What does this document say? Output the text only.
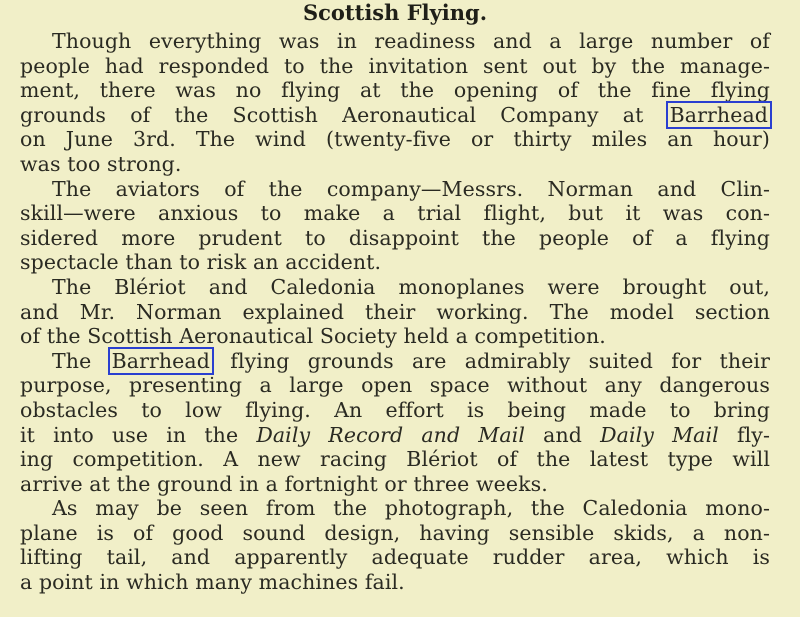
Scottish Flying.
Though everything was in readiness and a large number of
people had responded to the invitation sent out by the manage-
ment, there was no flying at the opening of the fine flying
grounds of the Scottish Aeronautical Company at Barrhead
on June 3rd. The wind (twenty-five or thirty miles an hour)
was too strong.
The aviators of the company—Messrs. Norman and Clin-
skill—were anxious to make a trial flight, but it was con-
sidered more prudent to disappoint the people of a flying
spectacle than to risk an accident.
The Blériot and Caledonia monoplanes were brought out,
and Mr. Norman explained their working. The model section
of the Scottish Aeronautical Society held a competition.
The Barrhead flying grounds are admirably suited for their
purpose, presenting a large open space without any dangerous
obstacles to low flying. An effort is being made to bring
it into use in the Daily Record and Mail and Daily Mail fly-
ing competition. A new racing Blériot of the latest type will
arrive at the ground in a fortnight or three weeks.
As may be seen from the photograph, the Caledonia mono-
plane is of good sound design, having sensible skids, a non-
lifting tail, and apparently adequate rudder area, which is
a point in which many machines fail.
